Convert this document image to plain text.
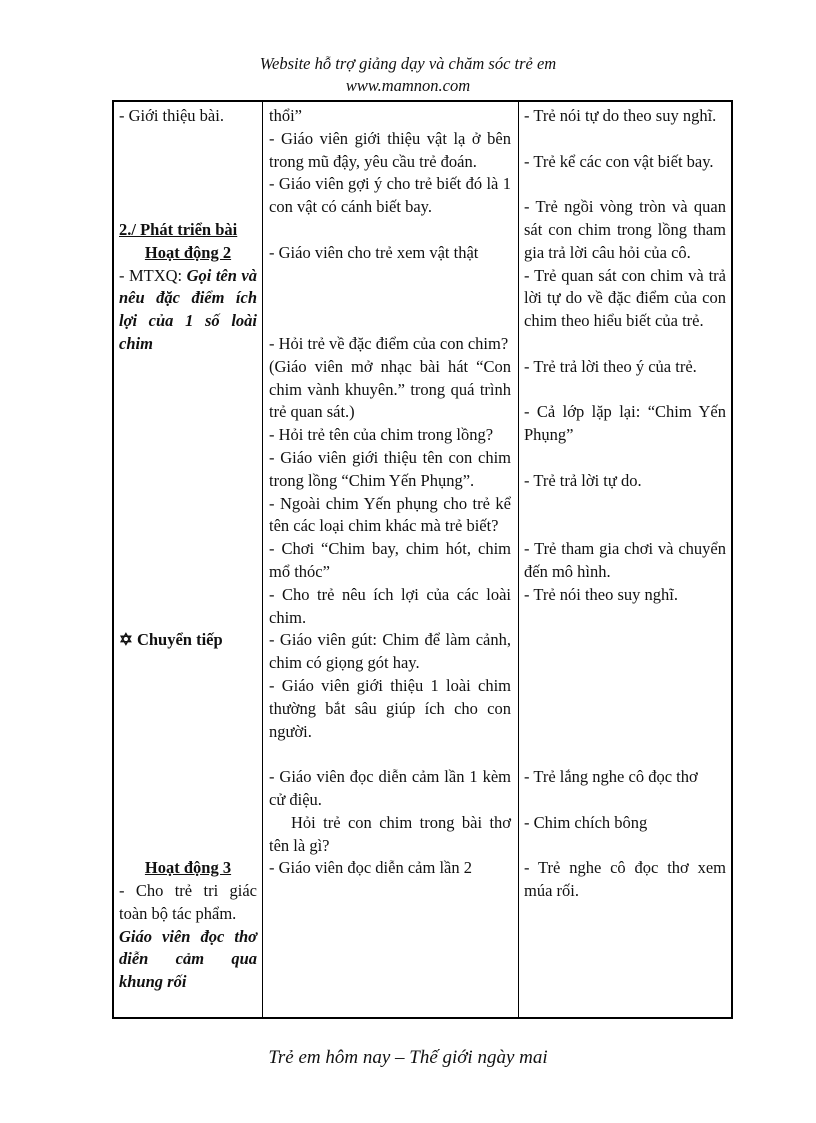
Website hỗ trợ giảng dạy và chăm sóc trẻ em
www.mamnon.com

- Giới thiệu bài.

2./ Phát triển bài

Hoạt động 2

- MTXQ: Gọi tên và nêu đặc điểm ích lợi của 1 số loài chim

✡ Chuyển tiếp

Hoạt động 3

- Cho trẻ tri giác toàn bộ tác phẩm.

Giáo viên đọc thơ diễn cảm qua khung rối

thổi”

- Giáo viên giới thiệu vật lạ ở bên trong mũ đậy, yêu cầu trẻ đoán.

- Giáo viên gợi ý cho trẻ biết đó là 1 con vật có cánh biết bay.

- Giáo viên cho trẻ xem vật thật

- Hỏi trẻ về đặc điểm của con chim?

(Giáo viên mở nhạc bài hát “Con chim vành khuyên.” trong quá trình trẻ quan sát.)

- Hỏi trẻ tên của chim trong lồng?

- Giáo viên giới thiệu tên con chim trong lồng “Chim Yến Phụng”.

- Ngoài chim Yến phụng cho trẻ kể tên các loại chim khác mà trẻ biết?

- Chơi “Chim bay, chim hót, chim mổ thóc”

- Cho trẻ nêu ích lợi của các loài chim.

- Giáo viên gút: Chim để làm cảnh, chim có giọng gót hay.

- Giáo viên giới thiệu 1 loài chim thường bắt sâu giúp ích cho con người.

- Giáo viên đọc diễn cảm lần 1 kèm cử điệu.

Hỏi trẻ con chim trong bài thơ tên là gì?

- Giáo viên đọc diễn cảm lần 2

- Trẻ nói tự do theo suy nghĩ.

- Trẻ kể các con vật biết bay.

- Trẻ ngồi vòng tròn và quan sát con chim trong lồng tham gia trả lời câu hỏi của cô.

- Trẻ quan sát con chim và trả lời tự do về đặc điểm của con chim theo hiểu biết của trẻ.

- Trẻ trả lời theo ý của trẻ.

- Cả lớp lặp lại: “Chim Yến Phụng”

- Trẻ trả lời tự do.

- Trẻ tham gia chơi và chuyển đến mô hình.

- Trẻ nói theo suy nghĩ.

- Trẻ lắng nghe cô đọc thơ

- Chim chích bông

- Trẻ nghe cô đọc thơ xem múa rối.

Trẻ em hôm nay – Thế giới ngày mai
